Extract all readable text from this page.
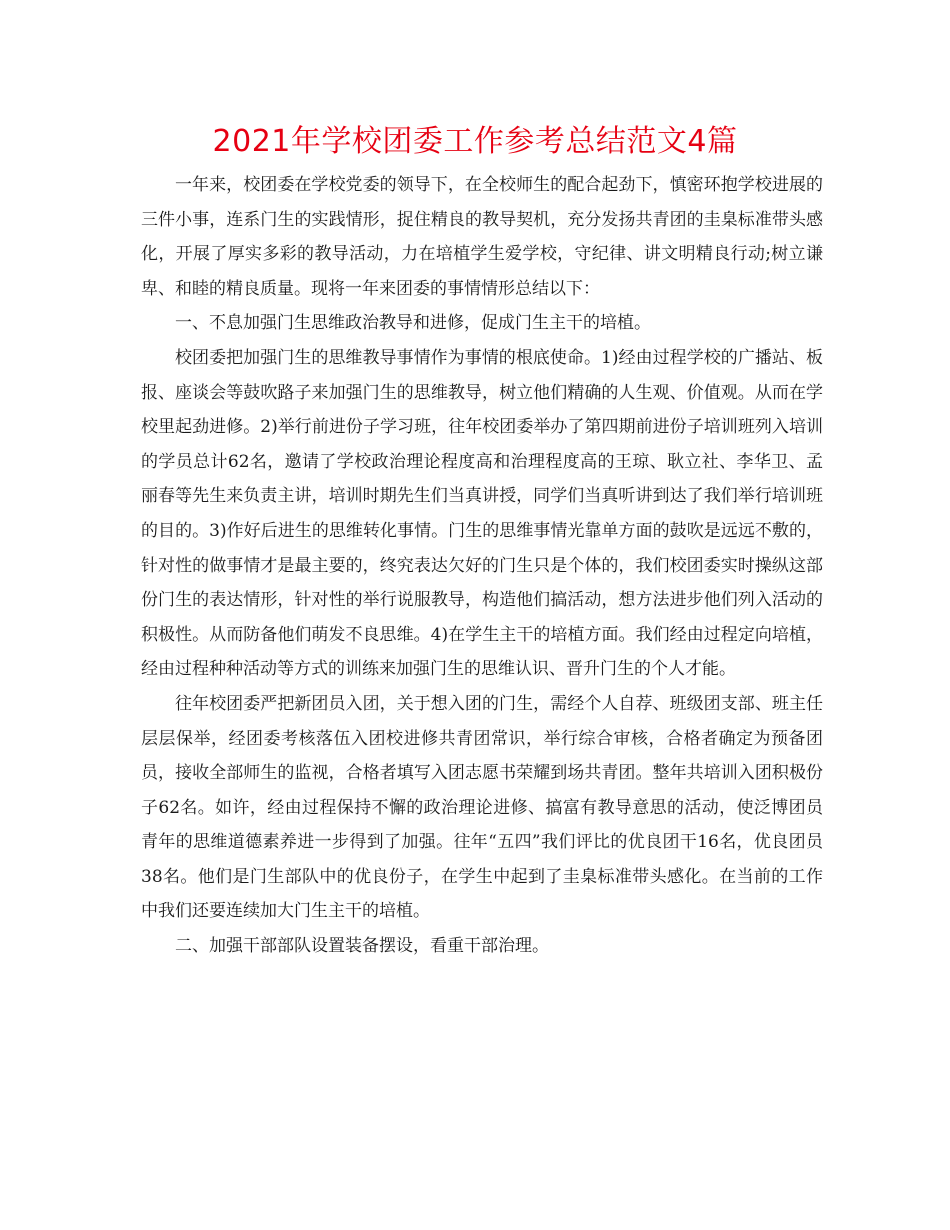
2021年学校团委工作参考总结范文4篇

一年来，校团委在学校党委的领导下，在全校师生的配合起劲下，慎密环抱学校进展的三件小事，连系门生的实践情形，捉住精良的教导契机，充分发扬共青团的圭臬标准带头感化，开展了厚实多彩的教导活动，力在培植学生爱学校，守纪律、讲文明精良行动;树立谦卑、和睦的精良质量。现将一年来团委的事情情形总结以下：

一、不息加强门生思维政治教导和进修，促成门生主干的培植。

校团委把加强门生的思维教导事情作为事情的根底使命。1)经由过程学校的广播站、板报、座谈会等鼓吹路子来加强门生的思维教导，树立他们精确的人生观、价值观。从而在学校里起劲进修。2)举行前进份子学习班，往年校团委举办了第四期前进份子培训班列入培训的学员总计62名，邀请了学校政治理论程度高和治理程度高的王琼、耿立社、李华卫、孟丽春等先生来负责主讲，培训时期先生们当真讲授，同学们当真听讲到达了我们举行培训班的目的。3)作好后进生的思维转化事情。门生的思维事情光靠单方面的鼓吹是远远不敷的，针对性的做事情才是最主要的，终究表达欠好的门生只是个体的，我们校团委实时操纵这部份门生的表达情形，针对性的举行说服教导，构造他们搞活动，想方法进步他们列入活动的积极性。从而防备他们萌发不良思维。4)在学生主干的培植方面。我们经由过程定向培植，经由过程种种活动等方式的训练来加强门生的思维认识、晋升门生的个人才能。

往年校团委严把新团员入团，关于想入团的门生，需经个人自荐、班级团支部、班主任层层保举，经团委考核落伍入团校进修共青团常识，举行综合审核，合格者确定为预备团员，接收全部师生的监视，合格者填写入团志愿书荣耀到场共青团。整年共培训入团积极份子62名。如许，经由过程保持不懈的政治理论进修、搞富有教导意思的活动，使泛博团员青年的思维道德素养进一步得到了加强。往年“五四”我们评比的优良团干16名，优良团员38名。他们是门生部队中的优良份子，在学生中起到了圭臬标准带头感化。在当前的工作中我们还要连续加大门生主干的培植。

二、加强干部部队设置装备摆设，看重干部治理。
